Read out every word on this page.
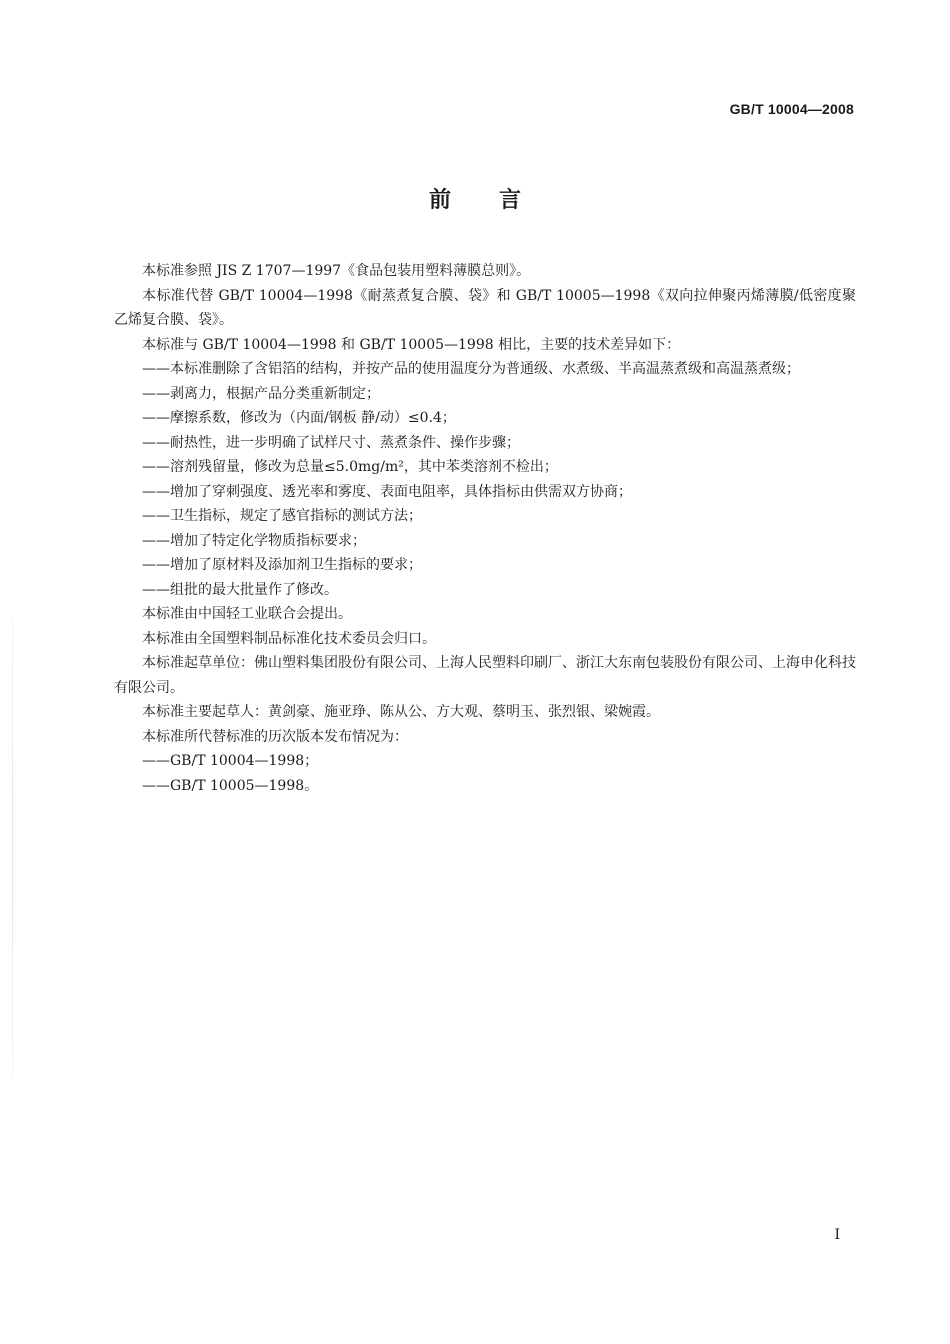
GB/T 10004—2008
前言

本标准参照 JIS Z 1707—1997《食品包装用塑料薄膜总则》。

本标准代替 GB/T 10004—1998《耐蒸煮复合膜、袋》和 GB/T 10005—1998《双向拉伸聚丙烯薄膜/低密度聚乙烯复合膜、袋》。

本标准与 GB/T 10004—1998 和 GB/T 10005—1998 相比，主要的技术差异如下：

——本标准删除了含铝箔的结构，并按产品的使用温度分为普通级、水煮级、半高温蒸煮级和高温蒸煮级；

——剥离力，根据产品分类重新制定；

——摩擦系数，修改为（内面/钢板 静/动）≤0.4；

——耐热性，进一步明确了试样尺寸、蒸煮条件、操作步骤；

——溶剂残留量，修改为总量≤5.0mg/m²，其中苯类溶剂不检出；

——增加了穿刺强度、透光率和雾度、表面电阻率，具体指标由供需双方协商；

——卫生指标，规定了感官指标的测试方法；

——增加了特定化学物质指标要求；

——增加了原材料及添加剂卫生指标的要求；

——组批的最大批量作了修改。

本标准由中国轻工业联合会提出。

本标准由全国塑料制品标准化技术委员会归口。

本标准起草单位：佛山塑料集团股份有限公司、上海人民塑料印刷厂、浙江大东南包装股份有限公司、上海申化科技有限公司。

本标准主要起草人：黄剑豪、施亚琤、陈从公、方大观、蔡明玉、张烈银、梁婉霞。

本标准所代替标准的历次版本发布情况为：

——GB/T 10004—1998；

——GB/T 10005—1998。

I
